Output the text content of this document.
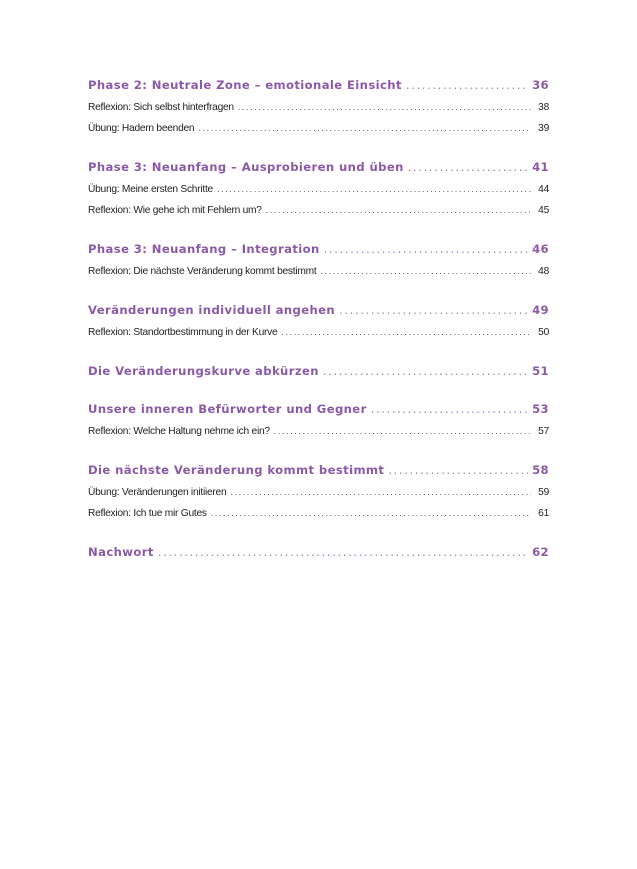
Phase 2: Neutrale Zone – emotionale Einsicht .....	36
Reflexion: Sich selbst hinterfragen .....	38
Übung: Hadern beenden .....	39
Phase 3: Neuanfang – Ausprobieren und üben .....	41
Übung: Meine ersten Schritte .....	44
Reflexion: Wie gehe ich mit Fehlern um? .....	45
Phase 3: Neuanfang – Integration .....	46
Reflexion: Die nächste Veränderung kommt bestimmt .....	48
Veränderungen individuell angehen .....	49
Reflexion: Standortbestimmung in der Kurve .....	50
Die Veränderungskurve abkürzen .....	51
Unsere inneren Befürworter und Gegner .....	53
Reflexion: Welche Haltung nehme ich ein? .....	57
Die nächste Veränderung kommt bestimmt .....	58
Übung: Veränderungen initiieren .....	59
Reflexion: Ich tue mir Gutes .....	61
Nachwort .....	62
